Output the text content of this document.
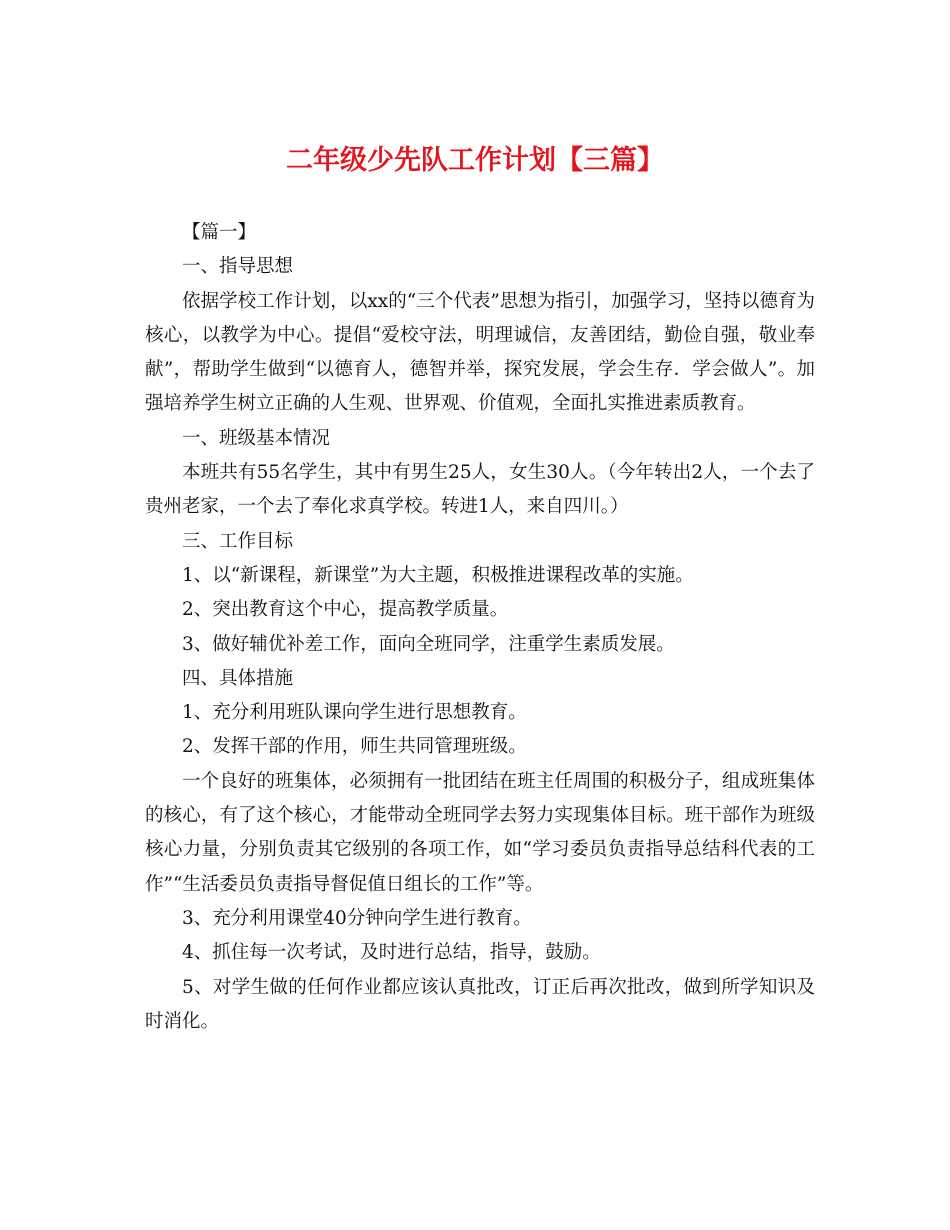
二年级少先队工作计划【三篇】

【篇一】

一、指导思想

依据学校工作计划，以xx的“三个代表”思想为指引，加强学习，坚持以德育为核心，以教学为中心。提倡“爱校守法，明理诚信，友善团结，勤俭自强，敬业奉献”，帮助学生做到“以德育人，德智并举，探究发展，学会生存．学会做人”。加强培养学生树立正确的人生观、世界观、价值观，全面扎实推进素质教育。

一、班级基本情况

本班共有55名学生，其中有男生25人，女生30人。（今年转出2人，一个去了贵州老家，一个去了奉化求真学校。转进1人，来自四川。）

三、工作目标

1、以“新课程，新课堂”为大主题，积极推进课程改革的实施。

2、突出教育这个中心，提高教学质量。

3、做好辅优补差工作，面向全班同学，注重学生素质发展。

四、具体措施

1、充分利用班队课向学生进行思想教育。

2、发挥干部的作用，师生共同管理班级。

一个良好的班集体，必须拥有一批团结在班主任周围的积极分子，组成班集体的核心，有了这个核心，才能带动全班同学去努力实现集体目标。班干部作为班级核心力量，分别负责其它级别的各项工作，如“学习委员负责指导总结科代表的工作”“生活委员负责指导督促值日组长的工作”等。

3、充分利用课堂40分钟向学生进行教育。

4、抓住每一次考试，及时进行总结，指导，鼓励。

5、对学生做的任何作业都应该认真批改，订正后再次批改，做到所学知识及时消化。
